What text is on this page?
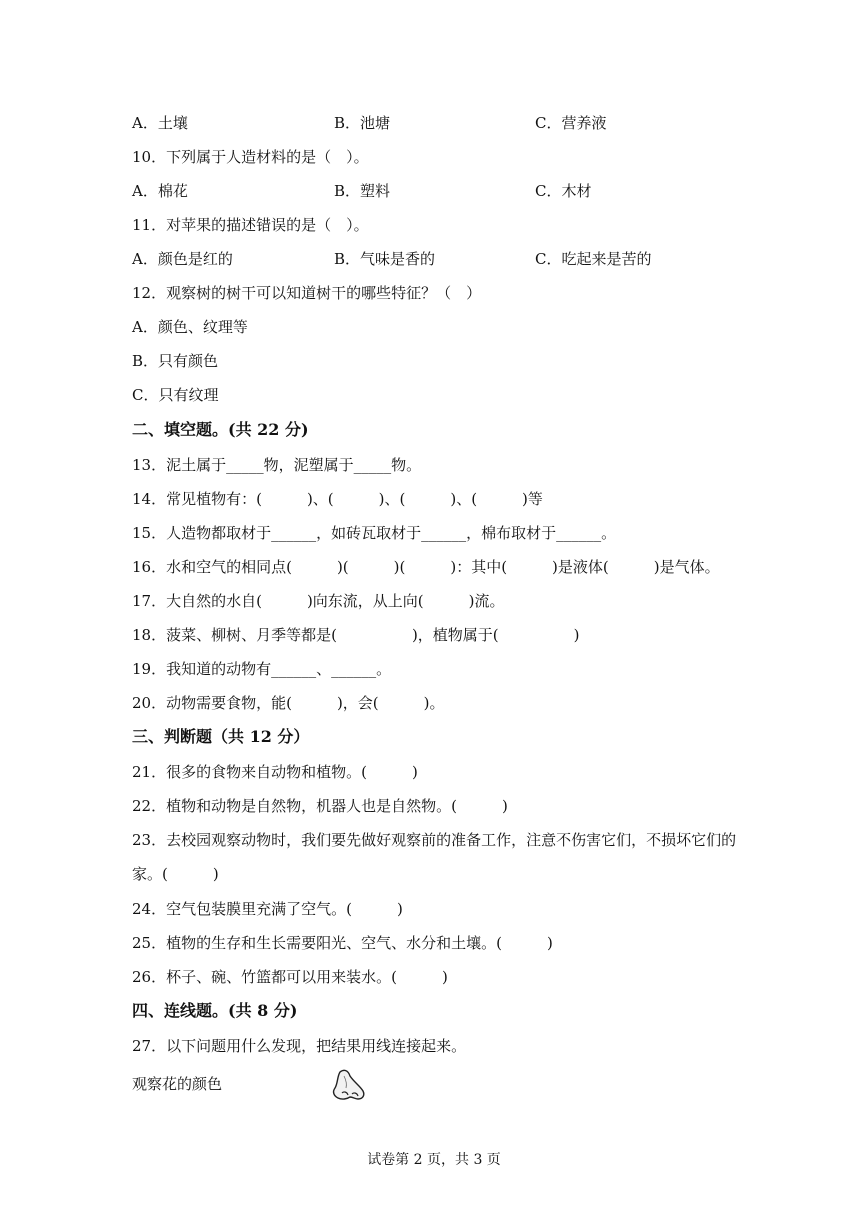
A．土壤	B．池塘	C．营养液
10．下列属于人造材料的是（　）。
A．棉花	B．塑料	C．木材
11．对苹果的描述错误的是（　）。
A．颜色是红的	B．气味是香的	C．吃起来是苦的
12．观察树的树干可以知道树干的哪些特征？（　）
A．颜色、纹理等
B．只有颜色
C．只有纹理
二、填空题。(共 22 分)
13．泥土属于_____物，泥塑属于_____物。
14．常见植物有：(　　　)、(　　　)、(　　　)、(　　　)等
15．人造物都取材于______，如砖瓦取材于______，棉布取材于______。
16．水和空气的相同点(　　　)(　　　)(　　　)：其中(　　　)是液体(　　　)是气体。
17．大自然的水自(　　　)向东流，从上向(　　　)流。
18．菠菜、柳树、月季等都是(　　　　　)，植物属于(　　　　　)
19．我知道的动物有______、______。
20．动物需要食物，能(　　　)，会(　　　)。
三、判断题（共 12 分）
21．很多的食物来自动物和植物。(　　　)
22．植物和动物是自然物，机器人也是自然物。(　　　)
23．去校园观察动物时，我们要先做好观察前的准备工作，注意不伤害它们，不损坏它们的
家。(　　　)
24．空气包装膜里充满了空气。(　　　)
25．植物的生存和生长需要阳光、空气、水分和土壤。(　　　)
26．杯子、碗、竹篮都可以用来装水。(　　　)
四、连线题。(共 8 分)
27．以下问题用什么发现，把结果用线连接起来。
观察花的颜色
试卷第 2 页，共 3 页
